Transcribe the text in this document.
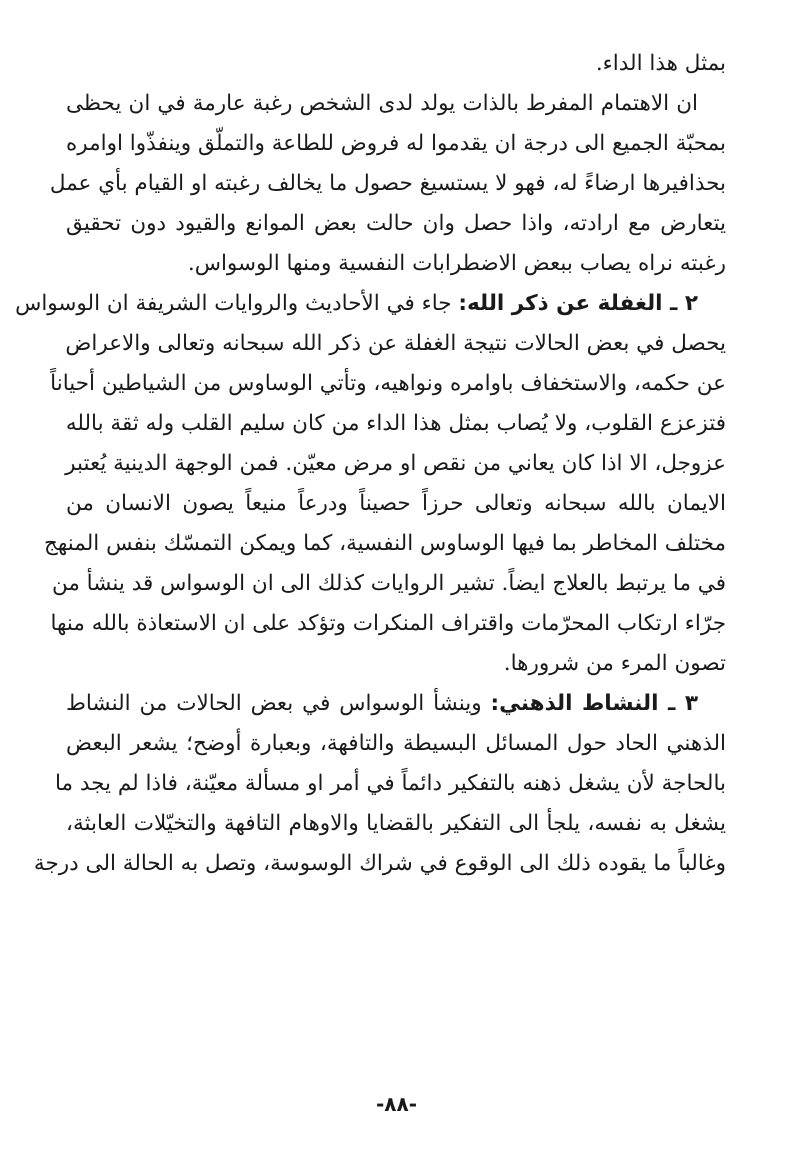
بمثل هذا الداء.
ان الاهتمام المفرط بالذات يولد لدى الشخص رغبة عارمة في ان يحظى
بمحبّة الجميع الى درجة ان يقدموا له فروض للطاعة والتملّق وينفذّوا اوامره
بحذافيرها ارضاءً له، فهو لا يستسيغ حصول ما يخالف رغبته او القيام بأي عمل
يتعارض مع ارادته، واذا حصل وان حالت بعض الموانع والقيود دون تحقيق
رغبته نراه يصاب ببعض الاضطرابات النفسية ومنها الوسواس.
٢ ـ الغفلة عن ذكر الله: جاء في الأحاديث والروايات الشريفة ان الوسواس
يحصل في بعض الحالات نتيجة الغفلة عن ذكر الله سبحانه وتعالى والاعراض
عن حكمه، والاستخفاف باوامره ونواهيه، وتأتي الوساوس من الشياطين أحياناً
فتزعزع القلوب، ولا يُصاب بمثل هذا الداء من كان سليم القلب وله ثقة بالله
عزوجل، الا اذا كان يعاني من نقص او مرض معيّن. فمن الوجهة الدينية يُعتبر
الايمان بالله سبحانه وتعالى حرزاً حصيناً ودرعاً منيعاً يصون الانسان من
مختلف المخاطر بما فيها الوساوس النفسية، كما ويمكن التمسّك بنفس المنهج
في ما يرتبط بالعلاج ايضاً. تشير الروايات كذلك الى ان الوسواس قد ينشأ من
جرّاء ارتكاب المحرّمات واقتراف المنكرات وتؤكد على ان الاستعاذة بالله منها
تصون المرء من شرورها.
٣ ـ النشاط الذهني: وينشأ الوسواس في بعض الحالات من النشاط
الذهني الحاد حول المسائل البسيطة والتافهة، وبعبارة أوضح؛ يشعر البعض
بالحاجة لأن يشغل ذهنه بالتفكير دائماً في أمر او مسألة معيّنة، فاذا لم يجد ما
يشغل به نفسه، يلجأ الى التفكير بالقضايا والاوهام التافهة والتخيّلات العابثة،
وغالباً ما يقوده ذلك الى الوقوع في شراك الوسوسة، وتصل به الحالة الى درجة
-٨٨-
